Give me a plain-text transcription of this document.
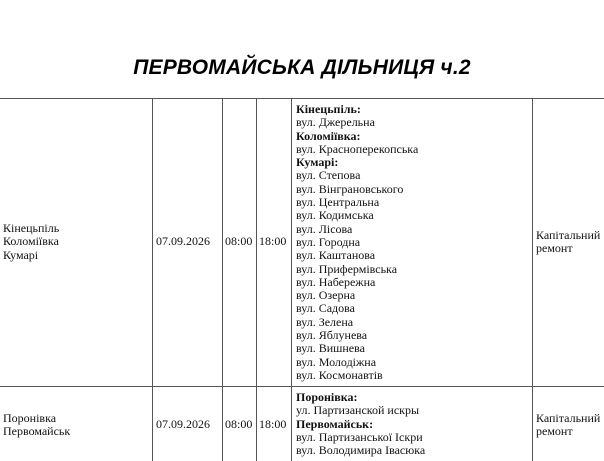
ПЕРВОМАЙСЬКА ДІЛЬНИЦЯ ч.2
Кінецьпіль
Коломіївка
Кумарі
07.09.2026	08:00 18:00
Кінецьпіль:
вул. Джерельна
Коломіївка:
вул. Красноперекопська
Кумарі:
вул. Степова
вул. Вінграновського
вул. Центральна
вул. Кодимська
вул. Лісова
вул. Городна
вул. Каштанова
вул. Прифермівська
вул. Набережна
вул. Озерна
вул. Садова
вул. Зелена
вул. Яблунева
вул. Вишнева
вул. Молодіжна
вул. Космонавтів
Капітальний
ремонт
Поронівка
Первомайськ
07.09.2026	08:00 18:00
Поронівка:
ул. Партизанской искры
Первомайськ:
вул. Партизанської Іскри
вул. Володимира Івасюка
Капітальний
ремонт
